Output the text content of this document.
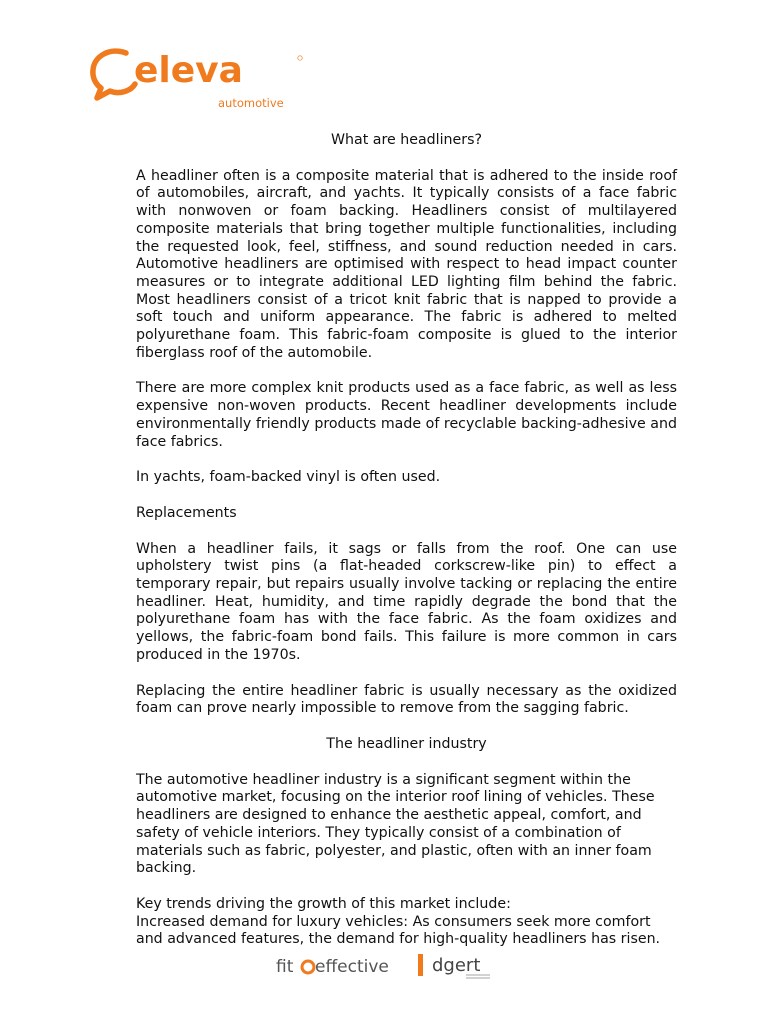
eleva
automotive

What are headliners?

A headliner often is a composite material that is adhered to the inside roof of automobiles, aircraft, and yachts. It typically consists of a face fabric with nonwoven or foam backing. Headliners consist of multilayered composite materials that bring together multiple functionalities, including the requested look, feel, stiffness, and sound reduction needed in cars. Automotive headliners are optimised with respect to head impact counter measures or to integrate additional LED lighting film behind the fabric. Most headliners consist of a tricot knit fabric that is napped to provide a soft touch and uniform appearance. The fabric is adhered to melted polyurethane foam. This fabric-foam composite is glued to the interior fiberglass roof of the automobile.

There are more complex knit products used as a face fabric, as well as less expensive non-woven products. Recent headliner developments include environmentally friendly products made of recyclable backing-adhesive and face fabrics.

In yachts, foam-backed vinyl is often used.

Replacements

When a headliner fails, it sags or falls from the roof. One can use upholstery twist pins (a flat-headed corkscrew-like pin) to effect a temporary repair, but repairs usually involve tacking or replacing the entire headliner. Heat, humidity, and time rapidly degrade the bond that the polyurethane foam has with the face fabric. As the foam oxidizes and yellows, the fabric-foam bond fails. This failure is more common in cars produced in the 1970s.

Replacing the entire headliner fabric is usually necessary as the oxidized foam can prove nearly impossible to remove from the sagging fabric.

The headliner industry

The automotive headliner industry is a significant segment within the automotive market, focusing on the interior roof lining of vehicles. These headliners are designed to enhance the aesthetic appeal, comfort, and safety of vehicle interiors. They typically consist of a combination of materials such as fabric, polyester, and plastic, often with an inner foam backing.

Key trends driving the growth of this market include:

Increased demand for luxury vehicles: As consumers seek more comfort and advanced features, the demand for high-quality headliners has risen.

fit effective dgert
